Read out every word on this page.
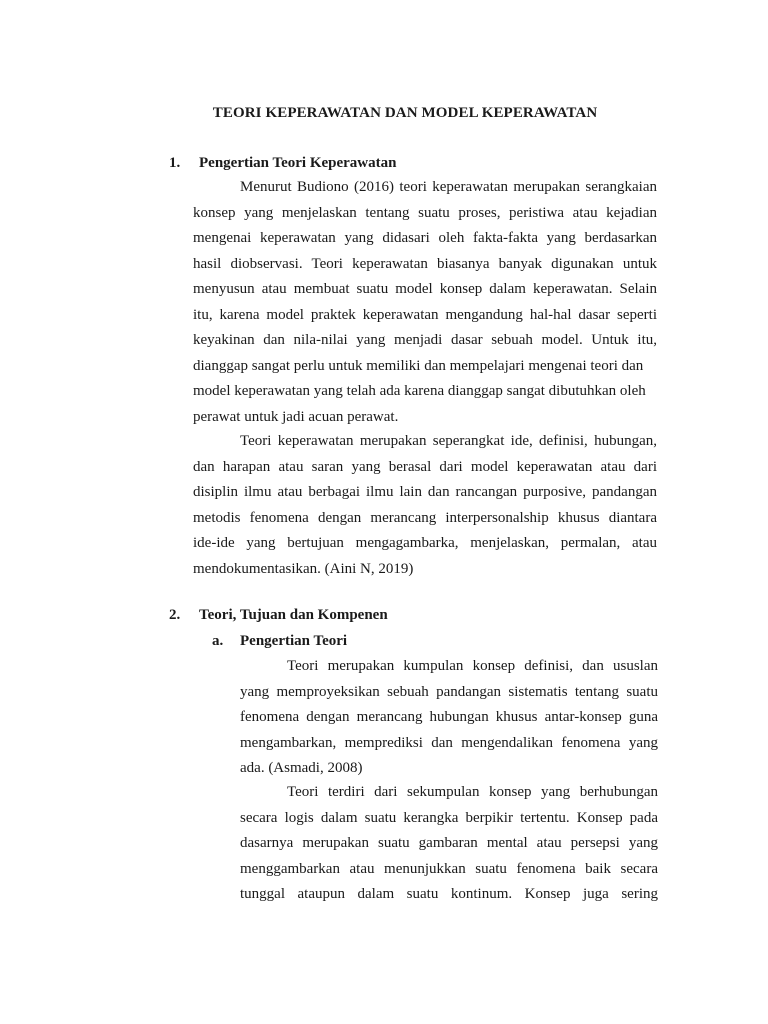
TEORI KEPERAWATAN DAN MODEL KEPERAWATAN
1. Pengertian Teori Keperawatan
Menurut Budiono (2016) teori keperawatan merupakan serangkaian
konsep yang menjelaskan tentang suatu proses, peristiwa atau kejadian
mengenai keperawatan yang didasari oleh fakta-fakta yang berdasarkan
hasil diobservasi. Teori keperawatan biasanya banyak digunakan untuk
menyusun atau membuat suatu model konsep dalam keperawatan. Selain
itu, karena model praktek keperawatan mengandung hal-hal dasar seperti
keyakinan dan nila-nilai yang menjadi dasar sebuah model. Untuk itu,
dianggap sangat perlu untuk memiliki dan mempelajari mengenai teori dan
model keperawatan yang telah ada karena dianggap sangat dibutuhkan oleh
perawat untuk jadi acuan perawat.
Teori keperawatan merupakan seperangkat ide, definisi, hubungan,
dan harapan atau saran yang berasal dari model keperawatan atau dari
disiplin ilmu atau berbagai ilmu lain dan rancangan purposive, pandangan
metodis fenomena dengan merancang interpersonalship khusus diantara
ide-ide yang bertujuan mengagambarka, menjelaskan, permalan, atau
mendokumentasikan. (Aini N, 2019)
2. Teori, Tujuan dan Kompenen
a. Pengertian Teori
Teori merupakan kumpulan konsep definisi, dan ususlan
yang memproyeksikan sebuah pandangan sistematis tentang suatu
fenomena dengan merancang hubungan khusus antar-konsep guna
mengambarkan, memprediksi dan mengendalikan fenomena yang
ada. (Asmadi, 2008)
Teori terdiri dari sekumpulan konsep yang berhubungan
secara logis dalam suatu kerangka berpikir tertentu. Konsep pada
dasarnya merupakan suatu gambaran mental atau persepsi yang
menggambarkan atau menunjukkan suatu fenomena baik secara
tunggal ataupun dalam suatu kontinum. Konsep juga sering
